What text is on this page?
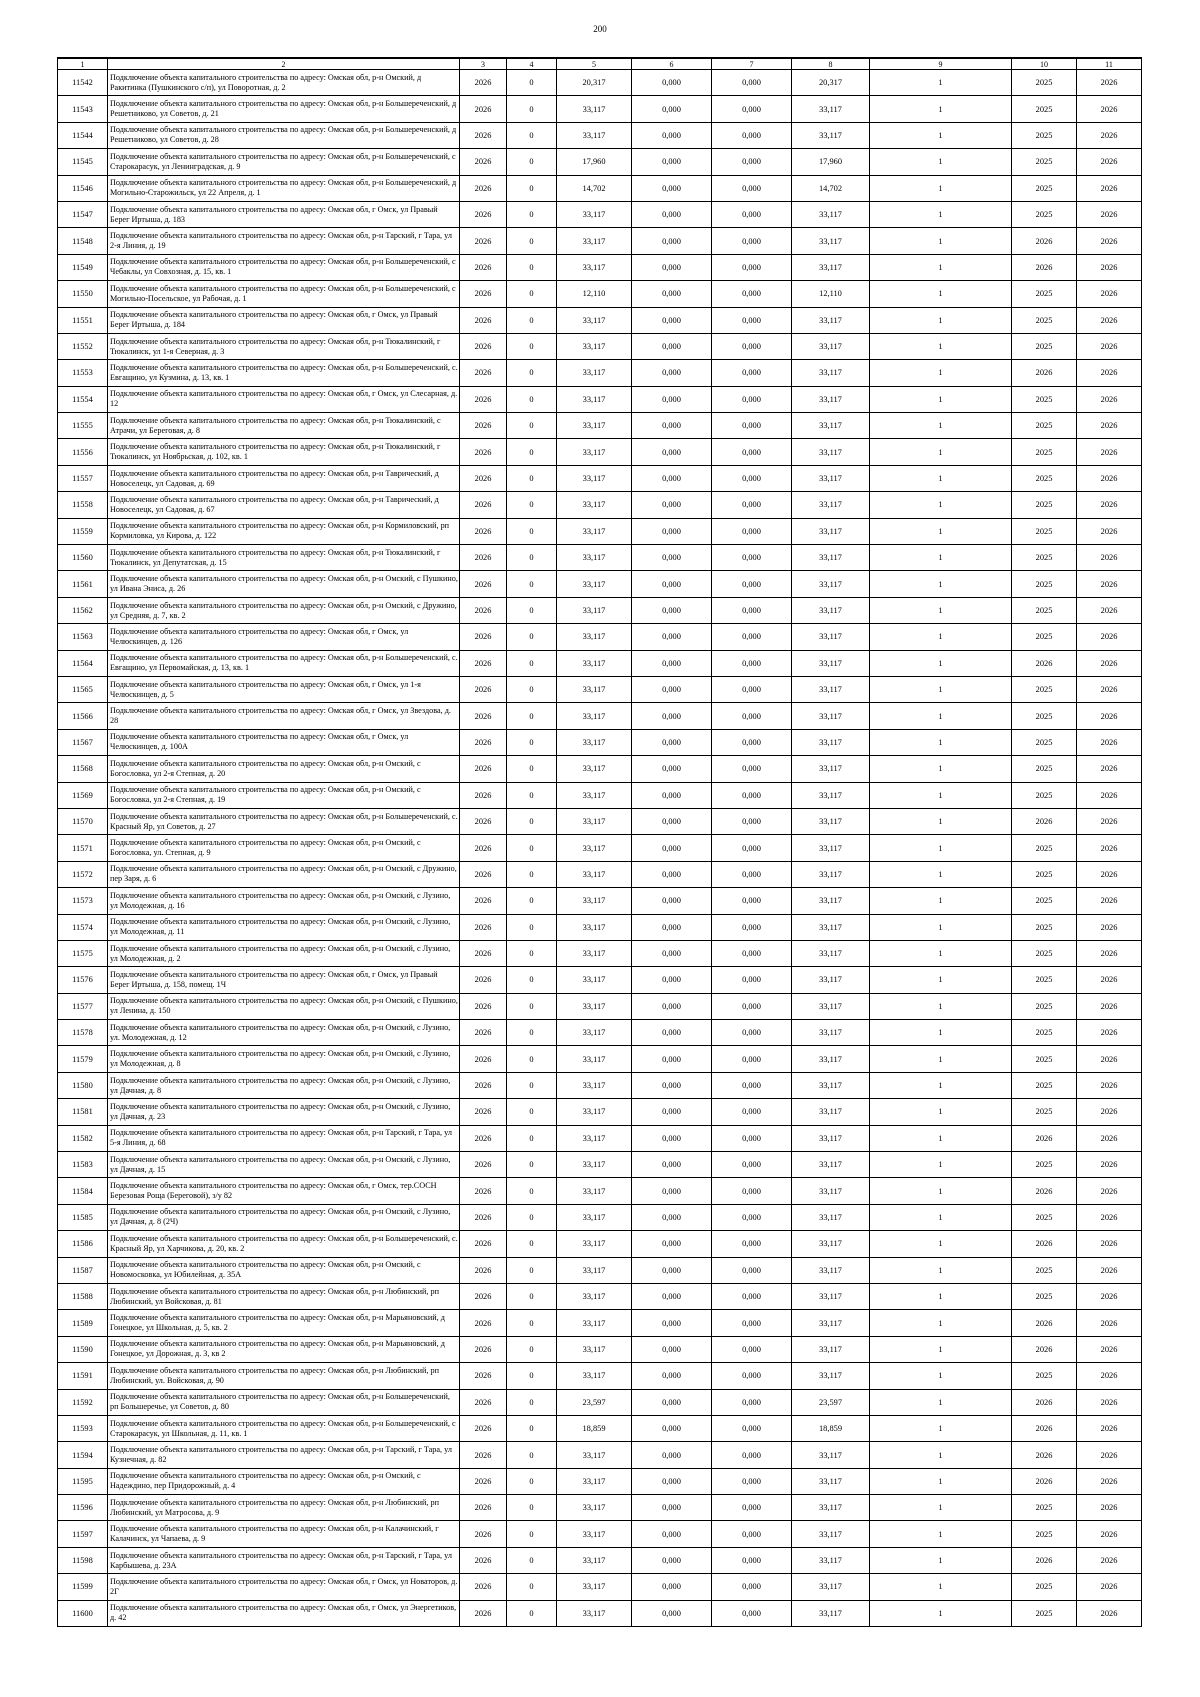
200
1	2	3	4	5	6	7	8	9	10	11
11542	Подключение объекта капитального строительства по адресу: Омская обл, р-н Омский, д Ракитинка (Пушкинского с/п), ул Поворотная, д. 2	2026	0	20,317	0,000	0,000	20,317	1	2025	2026
11543	Подключение объекта капитального строительства по адресу: Омская обл, р-н Большереченский, д Решетниково, ул Советов, д. 21	2026	0	33,117	0,000	0,000	33,117	1	2025	2026
11544	Подключение объекта капитального строительства по адресу: Омская обл, р-н Большереченский, д Решетниково, ул Советов, д. 28	2026	0	33,117	0,000	0,000	33,117	1	2025	2026
11545	Подключение объекта капитального строительства по адресу: Омская обл, р-н Большереченский, с Старокарасук, ул Ленинградская, д. 9	2026	0	17,960	0,000	0,000	17,960	1	2025	2026
11546	Подключение объекта капитального строительства по адресу: Омская обл, р-н Большереченский, д Могильно-Старожильск, ул 22 Апреля, д. 1	2026	0	14,702	0,000	0,000	14,702	1	2025	2026
11547	Подключение объекта капитального строительства по адресу: Омская обл, г Омск, ул Правый Берег Иртыша, д. 183	2026	0	33,117	0,000	0,000	33,117	1	2025	2026
11548	Подключение объекта капитального строительства по адресу: Омская обл, р-н Тарский, г Тара, ул 2-я Линия, д. 19	2026	0	33,117	0,000	0,000	33,117	1	2026	2026
11549	Подключение объекта капитального строительства по адресу: Омская обл, р-н Большереченский, с Чебаклы, ул Совхозная, д. 15, кв. 1	2026	0	33,117	0,000	0,000	33,117	1	2026	2026
11550	Подключение объекта капитального строительства по адресу: Омская обл, р-н Большереченский, с Могильно-Посельское, ул Рабочая, д. 1	2026	0	12,110	0,000	0,000	12,110	1	2025	2026
11551	Подключение объекта капитального строительства по адресу: Омская обл, г Омск, ул Правый Берег Иртыша, д. 184	2026	0	33,117	0,000	0,000	33,117	1	2025	2026
11552	Подключение объекта капитального строительства по адресу: Омская обл, р-н Тюкалинский, г Тюкалинск, ул 1-я Северная, д. 3	2026	0	33,117	0,000	0,000	33,117	1	2025	2026
11553	Подключение объекта капитального строительства по адресу: Омская обл, р-н Большереченский, с. Евгащино, ул Кузмина, д. 13, кв. 1	2026	0	33,117	0,000	0,000	33,117	1	2026	2026
11554	Подключение объекта капитального строительства по адресу: Омская обл, г Омск, ул Слесарная, д. 12	2026	0	33,117	0,000	0,000	33,117	1	2025	2026
11555	Подключение объекта капитального строительства по адресу: Омская обл, р-н Тюкалинский, с Атрачи, ул Береговая, д. 8	2026	0	33,117	0,000	0,000	33,117	1	2025	2026
11556	Подключение объекта капитального строительства по адресу: Омская обл, р-н Тюкалинский, г Тюкалинск, ул Ноябрьская, д. 102, кв. 1	2026	0	33,117	0,000	0,000	33,117	1	2025	2026
11557	Подключение объекта капитального строительства по адресу: Омская обл, р-н Таврический, д Новоселецк, ул Садовая, д. 69	2026	0	33,117	0,000	0,000	33,117	1	2025	2026
11558	Подключение объекта капитального строительства по адресу: Омская обл, р-н Таврический, д Новоселецк, ул Садовая, д. 67	2026	0	33,117	0,000	0,000	33,117	1	2025	2026
11559	Подключение объекта капитального строительства по адресу: Омская обл, р-н Кормиловский, рп Кормиловка, ул Кирова, д. 122	2026	0	33,117	0,000	0,000	33,117	1	2025	2026
11560	Подключение объекта капитального строительства по адресу: Омская обл, р-н Тюкалинский, г Тюкалинск, ул Депутатская, д. 15	2026	0	33,117	0,000	0,000	33,117	1	2025	2026
11561	Подключение объекта капитального строительства по адресу: Омская обл, р-н Омский, с Пушкино, ул Ивана Эниса, д. 26	2026	0	33,117	0,000	0,000	33,117	1	2025	2026
11562	Подключение объекта капитального строительства по адресу: Омская обл, р-н Омский, с Дружино, ул Средняя, д. 7, кв. 2	2026	0	33,117	0,000	0,000	33,117	1	2025	2026
11563	Подключение объекта капитального строительства по адресу: Омская обл, г Омск, ул Челюскинцев, д. 126	2026	0	33,117	0,000	0,000	33,117	1	2025	2026
11564	Подключение объекта капитального строительства по адресу: Омская обл, р-н Большереченский, с. Евгащино, ул Первомайская, д. 13, кв. 1	2026	0	33,117	0,000	0,000	33,117	1	2026	2026
11565	Подключение объекта капитального строительства по адресу: Омская обл, г Омск, ул 1-я Челюскинцев, д. 5	2026	0	33,117	0,000	0,000	33,117	1	2025	2026
11566	Подключение объекта капитального строительства по адресу: Омская обл, г Омск, ул Звездова, д. 28	2026	0	33,117	0,000	0,000	33,117	1	2025	2026
11567	Подключение объекта капитального строительства по адресу: Омская обл, г Омск, ул Челюскинцев, д. 100А	2026	0	33,117	0,000	0,000	33,117	1	2025	2026
11568	Подключение объекта капитального строительства по адресу: Омская обл, р-н Омский, с Богословка, ул 2-я Степная, д. 20	2026	0	33,117	0,000	0,000	33,117	1	2025	2026
11569	Подключение объекта капитального строительства по адресу: Омская обл, р-н Омский, с Богословка, ул 2-я Степная, д. 19	2026	0	33,117	0,000	0,000	33,117	1	2025	2026
11570	Подключение объекта капитального строительства по адресу: Омская обл, р-н Большереченский, с. Красный Яр, ул Советов, д. 27	2026	0	33,117	0,000	0,000	33,117	1	2026	2026
11571	Подключение объекта капитального строительства по адресу: Омская обл, р-н Омский, с Богословка, ул. Степная, д. 9	2026	0	33,117	0,000	0,000	33,117	1	2025	2026
11572	Подключение объекта капитального строительства по адресу: Омская обл, р-н Омский, с Дружино, пер Заря, д. 6	2026	0	33,117	0,000	0,000	33,117	1	2025	2026
11573	Подключение объекта капитального строительства по адресу: Омская обл, р-н Омский, с Лузино, ул Молодежная, д. 16	2026	0	33,117	0,000	0,000	33,117	1	2025	2026
11574	Подключение объекта капитального строительства по адресу: Омская обл, р-н Омский, с Лузино, ул Молодежная, д. 11	2026	0	33,117	0,000	0,000	33,117	1	2025	2026
11575	Подключение объекта капитального строительства по адресу: Омская обл, р-н Омский, с Лузино, ул Молодежная, д. 2	2026	0	33,117	0,000	0,000	33,117	1	2025	2026
11576	Подключение объекта капитального строительства по адресу: Омская обл, г Омск, ул Правый Берег Иртыша, д. 158, помещ. 1Ч	2026	0	33,117	0,000	0,000	33,117	1	2025	2026
11577	Подключение объекта капитального строительства по адресу: Омская обл, р-н Омский, с Пушкино, ул Ленина, д. 150	2026	0	33,117	0,000	0,000	33,117	1	2025	2026
11578	Подключение объекта капитального строительства по адресу: Омская обл, р-н Омский, с Лузино, ул. Молодежная, д. 12	2026	0	33,117	0,000	0,000	33,117	1	2025	2026
11579	Подключение объекта капитального строительства по адресу: Омская обл, р-н Омский, с Лузино, ул Молодежная, д. 8	2026	0	33,117	0,000	0,000	33,117	1	2025	2026
11580	Подключение объекта капитального строительства по адресу: Омская обл, р-н Омский, с Лузино, ул Дачная, д. 8	2026	0	33,117	0,000	0,000	33,117	1	2025	2026
11581	Подключение объекта капитального строительства по адресу: Омская обл, р-н Омский, с Лузино, ул Дачная, д. 23	2026	0	33,117	0,000	0,000	33,117	1	2025	2026
11582	Подключение объекта капитального строительства по адресу: Омская обл, р-н Тарский, г Тара, ул 5-я Линия, д. 68	2026	0	33,117	0,000	0,000	33,117	1	2026	2026
11583	Подключение объекта капитального строительства по адресу: Омская обл, р-н Омский, с Лузино, ул Дачная, д. 15	2026	0	33,117	0,000	0,000	33,117	1	2025	2026
11584	Подключение объекта капитального строительства по адресу: Омская обл, г Омск, тер.СОСН Березовая Роща (Береговой), з/у 82	2026	0	33,117	0,000	0,000	33,117	1	2026	2026
11585	Подключение объекта капитального строительства по адресу: Омская обл, р-н Омский, с Лузино, ул Дачная, д. 8 (2Ч)	2026	0	33,117	0,000	0,000	33,117	1	2025	2026
11586	Подключение объекта капитального строительства по адресу: Омская обл, р-н Большереченский, с. Красный Яр, ул Харчикова, д. 20, кв. 2	2026	0	33,117	0,000	0,000	33,117	1	2026	2026
11587	Подключение объекта капитального строительства по адресу: Омская обл, р-н Омский, с Новомосковка, ул Юбилейная, д. 35А	2026	0	33,117	0,000	0,000	33,117	1	2025	2026
11588	Подключение объекта капитального строительства по адресу: Омская обл, р-н Любинский, рп Любинский, ул Войсковая, д. 81	2026	0	33,117	0,000	0,000	33,117	1	2025	2026
11589	Подключение объекта капитального строительства по адресу: Омская обл, р-н Марьяновский, д Гонецкое, ул Школьная, д. 5, кв. 2	2026	0	33,117	0,000	0,000	33,117	1	2026	2026
11590	Подключение объекта капитального строительства по адресу: Омская обл, р-н Марьяновский, д Гонецкое, ул Дорожная, д. 3, кв 2	2026	0	33,117	0,000	0,000	33,117	1	2026	2026
11591	Подключение объекта капитального строительства по адресу: Омская обл, р-н Любинский, рп Любинский, ул. Войсковая, д. 90	2026	0	33,117	0,000	0,000	33,117	1	2025	2026
11592	Подключение объекта капитального строительства по адресу: Омская обл, р-н Большереченский, рп Большеречье, ул Советов, д. 80	2026	0	23,597	0,000	0,000	23,597	1	2026	2026
11593	Подключение объекта капитального строительства по адресу: Омская обл, р-н Большереченский, с Старокарасук, ул Школьная, д. 11, кв. 1	2026	0	18,859	0,000	0,000	18,859	1	2026	2026
11594	Подключение объекта капитального строительства по адресу: Омская обл, р-н Тарский, г Тара, ул Кузнечная, д. 82	2026	0	33,117	0,000	0,000	33,117	1	2026	2026
11595	Подключение объекта капитального строительства по адресу: Омская обл, р-н Омский, с Надеждино, пер Придорожный, д. 4	2026	0	33,117	0,000	0,000	33,117	1	2026	2026
11596	Подключение объекта капитального строительства по адресу: Омская обл, р-н Любинский, рп Любинский, ул Матросова, д. 9	2026	0	33,117	0,000	0,000	33,117	1	2025	2026
11597	Подключение объекта капитального строительства по адресу: Омская обл, р-н Калачинский, г Калачинск, ул Чапаева, д. 9	2026	0	33,117	0,000	0,000	33,117	1	2025	2026
11598	Подключение объекта капитального строительства по адресу: Омская обл, р-н Тарский, г Тара, ул Карбышева, д. 23А	2026	0	33,117	0,000	0,000	33,117	1	2026	2026
11599	Подключение объекта капитального строительства по адресу: Омская обл, г Омск, ул Новаторов, д. 2Г	2026	0	33,117	0,000	0,000	33,117	1	2025	2026
11600	Подключение объекта капитального строительства по адресу: Омская обл, г Омск, ул Энергетиков, д. 42	2026	0	33,117	0,000	0,000	33,117	1	2025	2026
